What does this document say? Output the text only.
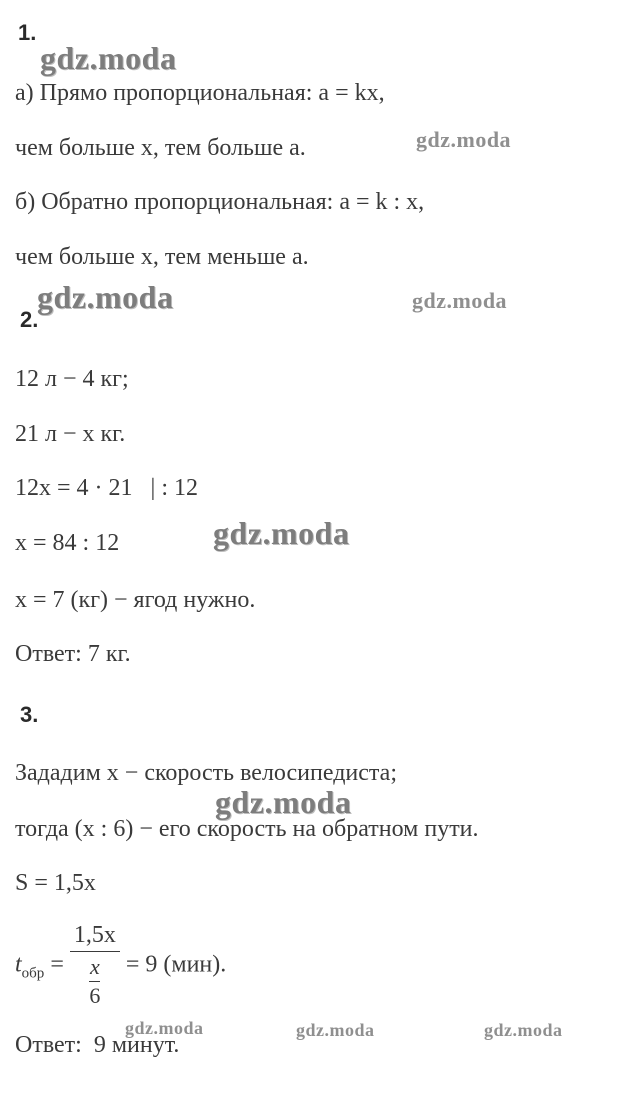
gdz.moda
gdz.moda
gdz.moda	gdz.moda
gdz.moda
gdz.moda
gdz.moda	gdz.moda	gdz.moda
1.
а) Прямо пропорциональная: a = kx,
чем больше x, тем больше a.
б) Обратно пропорциональная: a = k : x,
чем больше x, тем меньше a.
2.
12 л − 4 кг;
21 л − x кг.
12x = 4 · 21   | : 12
x = 84 : 12
x = 7 (кг) − ягод нужно.
Ответ: 7 кг.
3.
Зададим x − скорость велосипедиста;
тогда (x : 6) − его скорость на обратном пути.
S = 1,5x
$t_{обр} = \frac{1,5x}{\frac{x}{6}} = 9$ (мин).
Ответ:  9 минут.
